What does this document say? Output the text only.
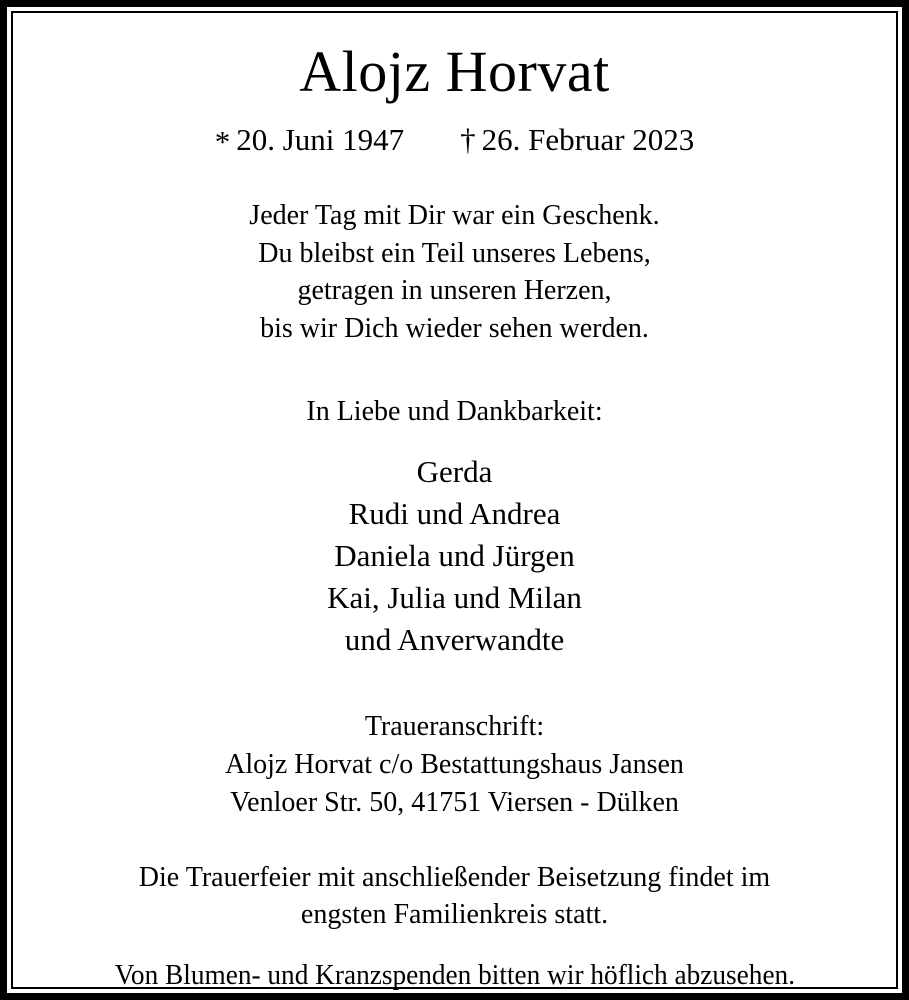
Alojz Horvat
* 20. Juni 1947 † 26. Februar 2023
Jeder Tag mit Dir war ein Geschenk.
Du bleibst ein Teil unseres Lebens,
getragen in unseren Herzen,
bis wir Dich wieder sehen werden.
In Liebe und Dankbarkeit:
Gerda
Rudi und Andrea
Daniela und Jürgen
Kai, Julia und Milan
und Anverwandte
Traueranschrift:
Alojz Horvat c/o Bestattungshaus Jansen
Venloer Str. 50, 41751 Viersen - Dülken
Die Trauerfeier mit anschließender Beisetzung findet im
engsten Familienkreis statt.
Von Blumen- und Kranzspenden bitten wir höflich abzusehen.
